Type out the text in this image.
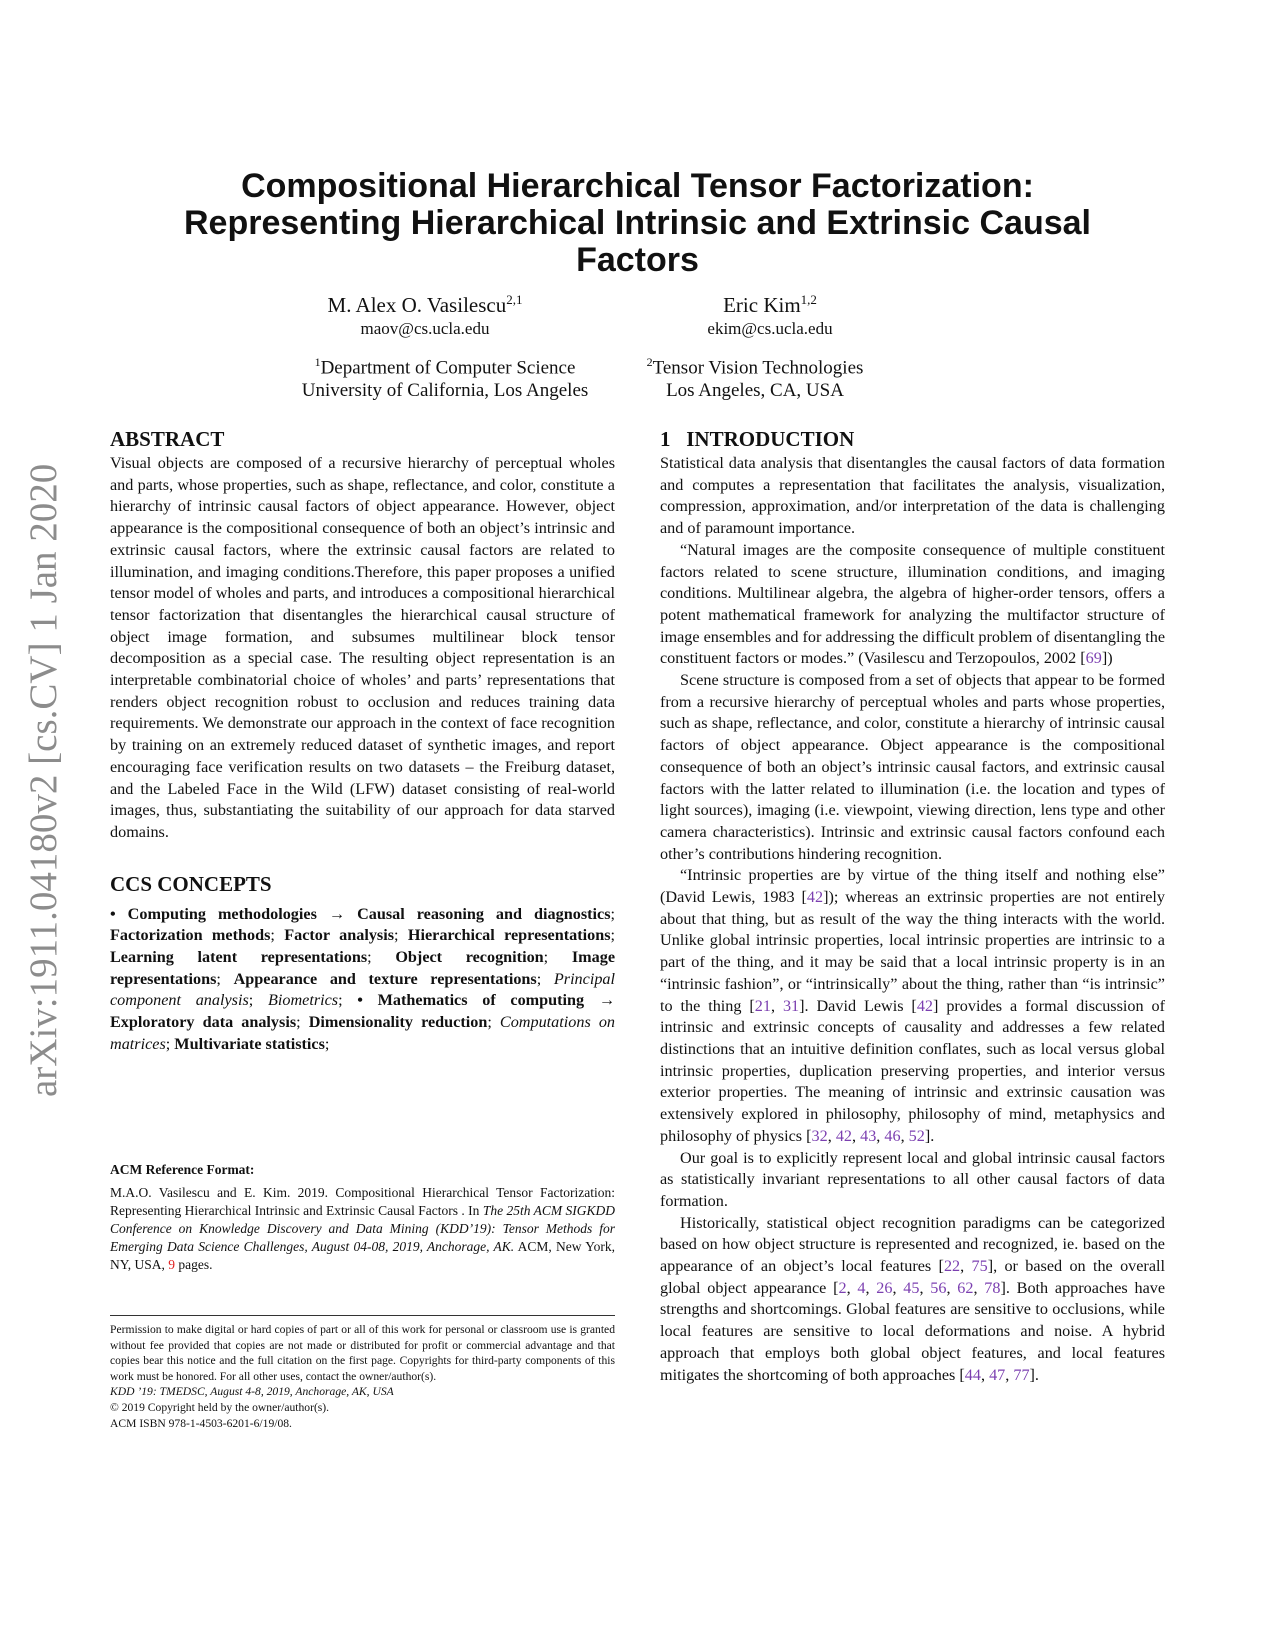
arXiv:1911.04180v2 [cs.CV] 1 Jan 2020
Compositional Hierarchical Tensor Factorization:
Representing Hierarchical Intrinsic and Extrinsic Causal
Factors
M. Alex O. Vasilescu$^{2,1}$
maov@cs.ucla.edu
Eric Kim$^{1,2}$
ekim@cs.ucla.edu
$^1$Department of Computer Science
University of California, Los Angeles
$^2$Tensor Vision Technologies
Los Angeles, CA, USA
ABSTRACT

Visual objects are composed of a recursive hierarchy of perceptual wholes and parts, whose properties, such as shape, reflectance, and color, constitute a hierarchy of intrinsic causal factors of object appearance. However, object appearance is the compositional consequence of both an object’s intrinsic and extrinsic causal factors, where the extrinsic causal factors are related to illumination, and imaging conditions.Therefore, this paper proposes a unified tensor model of wholes and parts, and introduces a compositional hierarchical tensor factorization that disentangles the hierarchical causal structure of object image formation, and subsumes multilinear block tensor decomposition as a special case. The resulting object representation is an interpretable combinatorial choice of wholes’ and parts’ representations that renders object recognition robust to occlusion and reduces training data requirements. We demonstrate our approach in the context of face recognition by training on an extremely reduced dataset of synthetic images, and report encouraging face verification results on two datasets – the Freiburg dataset, and the Labeled Face in the Wild (LFW) dataset consisting of real-world images, thus, substantiating the suitability of our approach for data starved domains.

CCS CONCEPTS
• Computing methodologies → Causal reasoning and diagnostics; Factorization methods; Factor analysis; Hierarchical representations; Learning latent representations; Object recognition; Image representations; Appearance and texture representations; Principal component analysis; Biometrics; • Mathematics of computing → Exploratory data analysis; Dimensionality reduction; Computations on matrices; Multivariate statistics;
ACM Reference Format:
M.A.O. Vasilescu and E. Kim. 2019. Compositional Hierarchical Tensor Factorization: Representing Hierarchical Intrinsic and Extrinsic Causal Factors . In The 25th ACM SIGKDD Conference on Knowledge Discovery and Data Mining (KDD’19): Tensor Methods for Emerging Data Science Challenges, August 04-08, 2019, Anchorage, AK. ACM, New York, NY, USA, 9 pages.

Permission to make digital or hard copies of part or all of this work for personal or classroom use is granted without fee provided that copies are not made or distributed for profit or commercial advantage and that copies bear this notice and the full citation on the first page. Copyrights for third-party components of this work must be honored. For all other uses, contact the owner/author(s).

KDD ’19: TMEDSC, August 4-8, 2019, Anchorage, AK, USA

© 2019 Copyright held by the owner/author(s).

ACM ISBN 978-1-4503-6201-6/19/08.

1   INTRODUCTION

Statistical data analysis that disentangles the causal factors of data formation and computes a representation that facilitates the analysis, visualization, compression, approximation, and/or interpretation of the data is challenging and of paramount importance.

“Natural images are the composite consequence of multiple constituent factors related to scene structure, illumination conditions, and imaging conditions. Multilinear algebra, the algebra of higher-order tensors, offers a potent mathematical framework for analyzing the multifactor structure of image ensembles and for addressing the difficult problem of disentangling the constituent factors or modes.” (Vasilescu and Terzopoulos, 2002 [69])

Scene structure is composed from a set of objects that appear to be formed from a recursive hierarchy of perceptual wholes and parts whose properties, such as shape, reflectance, and color, constitute a hierarchy of intrinsic causal factors of object appearance. Object appearance is the compositional consequence of both an object’s intrinsic causal factors, and extrinsic causal factors with the latter related to illumination (i.e. the location and types of light sources), imaging (i.e. viewpoint, viewing direction, lens type and other camera characteristics). Intrinsic and extrinsic causal factors confound each other’s contributions hindering recognition.

“Intrinsic properties are by virtue of the thing itself and nothing else” (David Lewis, 1983 [42]); whereas an extrinsic properties are not entirely about that thing, but as result of the way the thing interacts with the world. Unlike global intrinsic properties, local intrinsic properties are intrinsic to a part of the thing, and it may be said that a local intrinsic property is in an “intrinsic fashion”, or “intrinsically” about the thing, rather than “is intrinsic” to the thing [21, 31]. David Lewis [42] provides a formal discussion of intrinsic and extrinsic concepts of causality and addresses a few related distinctions that an intuitive definition conflates, such as local versus global intrinsic properties, duplication preserving properties, and interior versus exterior properties. The meaning of intrinsic and extrinsic causation was extensively explored in philosophy, philosophy of mind, metaphysics and philosophy of physics [32, 42, 43, 46, 52].

Our goal is to explicitly represent local and global intrinsic causal factors as statistically invariant representations to all other causal factors of data formation.

Historically, statistical object recognition paradigms can be categorized based on how object structure is represented and recognized, ie. based on the appearance of an object’s local features [22, 75], or based on the overall global object appearance [2, 4, 26, 45, 56, 62, 78]. Both approaches have strengths and shortcomings. Global features are sensitive to occlusions, while local features are sensitive to local deformations and noise. A hybrid approach that employs both global object features, and local features mitigates the shortcoming of both approaches [44, 47, 77].
